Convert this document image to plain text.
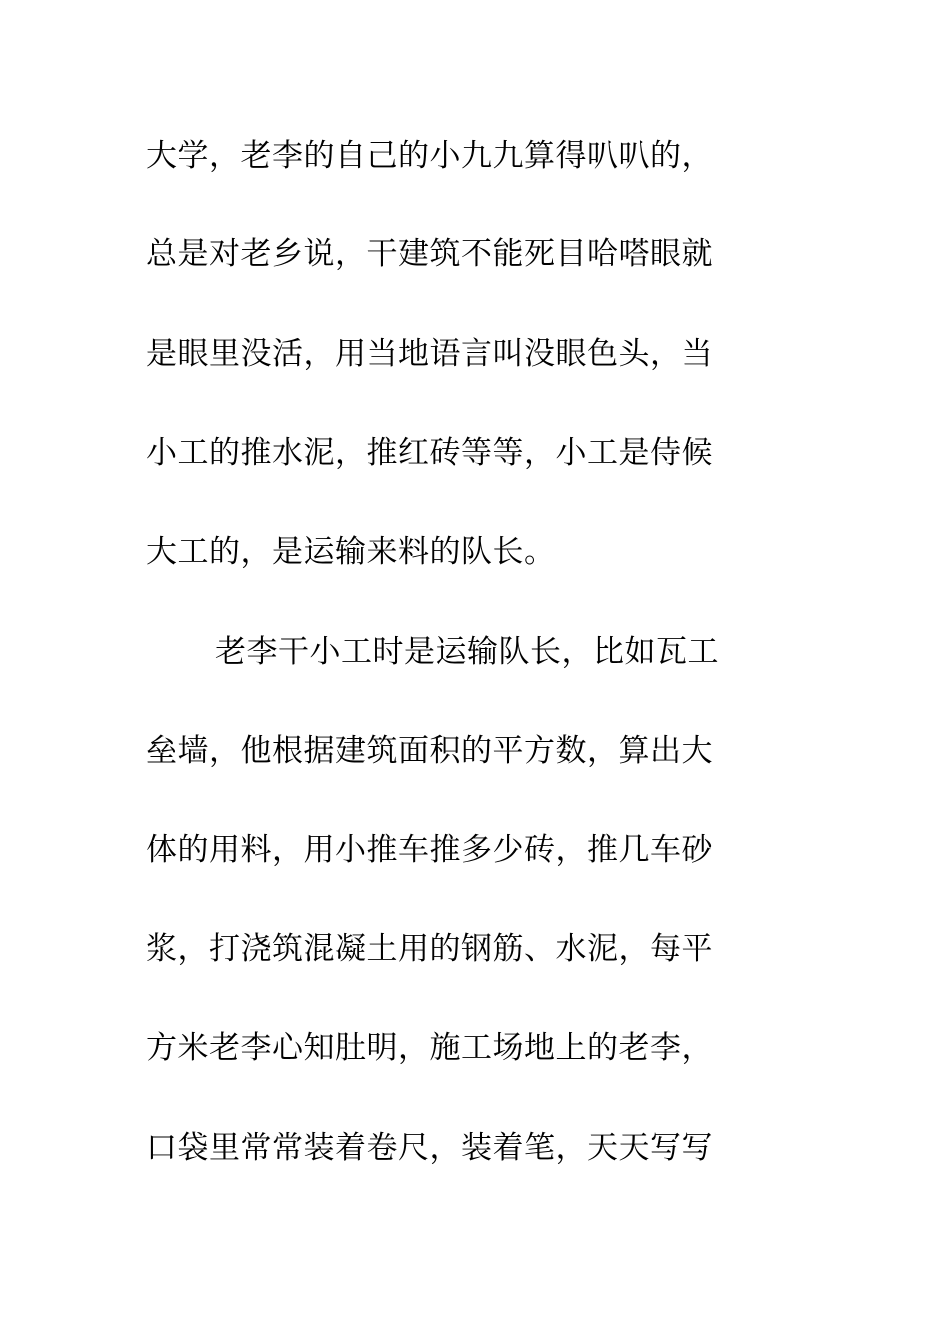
大学，老李的自己的小九九算得叭叭的，
总是对老乡说，干建筑不能死目哈嗒眼就
是眼里没活，用当地语言叫没眼色头，当
小工的推水泥，推红砖等等，小工是侍候
大工的，是运输来料的队长。
老李干小工时是运输队长，比如瓦工
垒墙，他根据建筑面积的平方数，算出大
体的用料，用小推车推多少砖，推几车砂
浆，打浇筑混凝土用的钢筋、水泥，每平
方米老李心知肚明，施工场地上的老李，
口袋里常常装着卷尺，装着笔，天天写写
